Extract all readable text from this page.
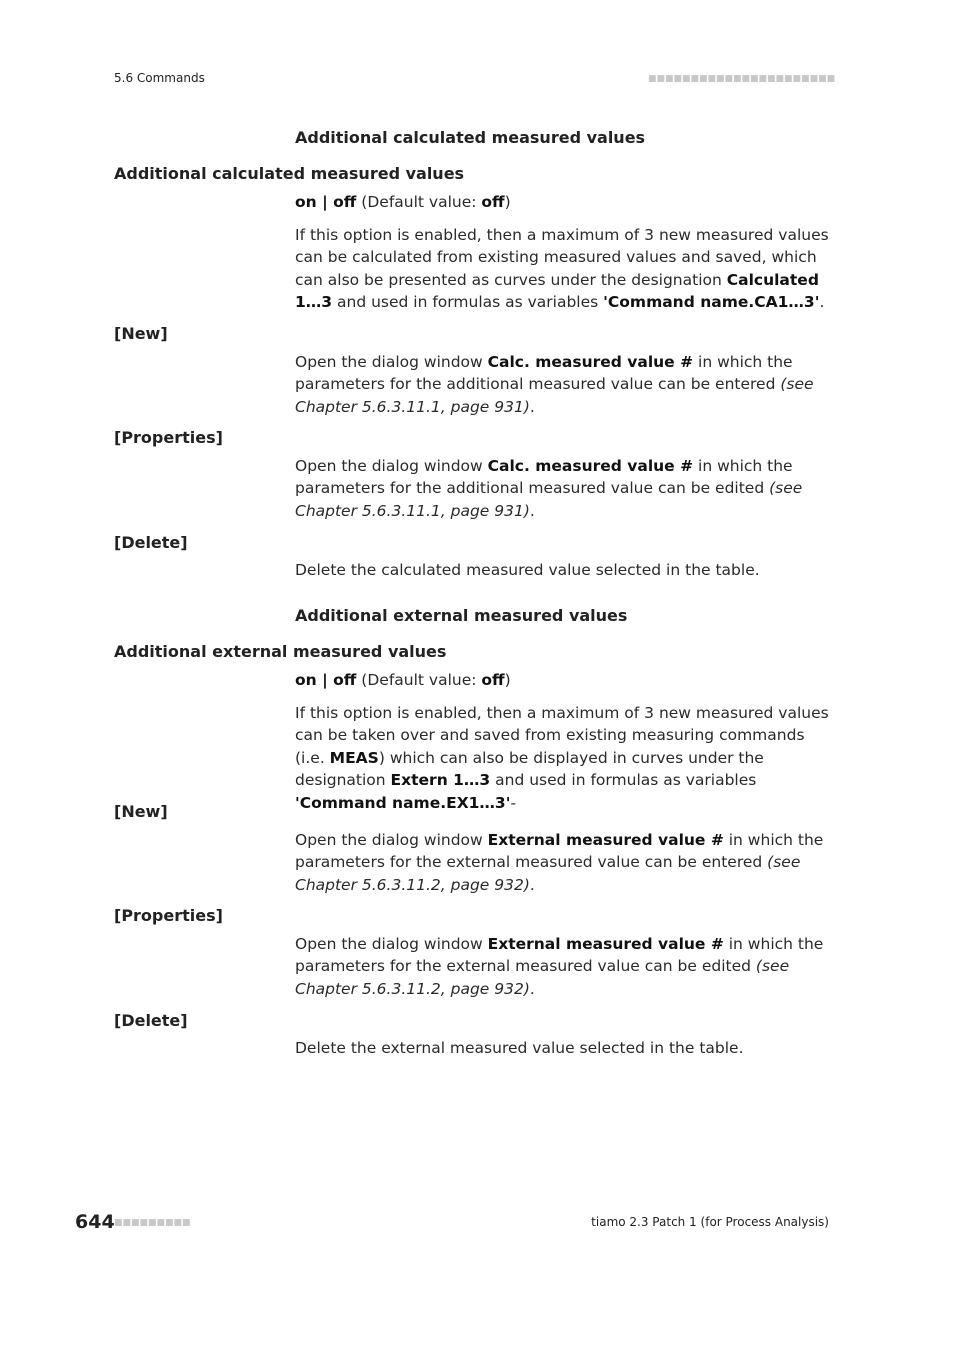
5.6 Commands	■■■■■■■■■■■■■■■■■■■■■■
Additional calculated measured values
Additional calculated measured values
on | off (Default value: off)
If this option is enabled, then a maximum of 3 new measured values can be calculated from existing measured values and saved, which can also be presented as curves under the designation Calculated 1…3 and used in formulas as variables 'Command name.CA1…3'.
[New]
Open the dialog window Calc. measured value # in which the parameters for the additional measured value can be entered (see Chapter 5.6.3.11.1, page 931).
[Properties]
Open the dialog window Calc. measured value # in which the parameters for the additional measured value can be edited (see Chapter 5.6.3.11.1, page 931).
[Delete]
Delete the calculated measured value selected in the table.
Additional external measured values
Additional external measured values
on | off (Default value: off)
If this option is enabled, then a maximum of 3 new measured values can be taken over and saved from existing measuring commands (i.e. MEAS) which can also be displayed in curves under the designation Extern 1…3 and used in formulas as variables 'Command name.EX1…3'-
[New]
Open the dialog window External measured value # in which the parameters for the external measured value can be entered (see Chapter 5.6.3.11.2, page 932).
[Properties]
Open the dialog window External measured value # in which the parameters for the external measured value can be edited (see Chapter 5.6.3.11.2, page 932).
[Delete]
Delete the external measured value selected in the table.
644 ■■■■■■■■■	tiamo 2.3 Patch 1 (for Process Analysis)
